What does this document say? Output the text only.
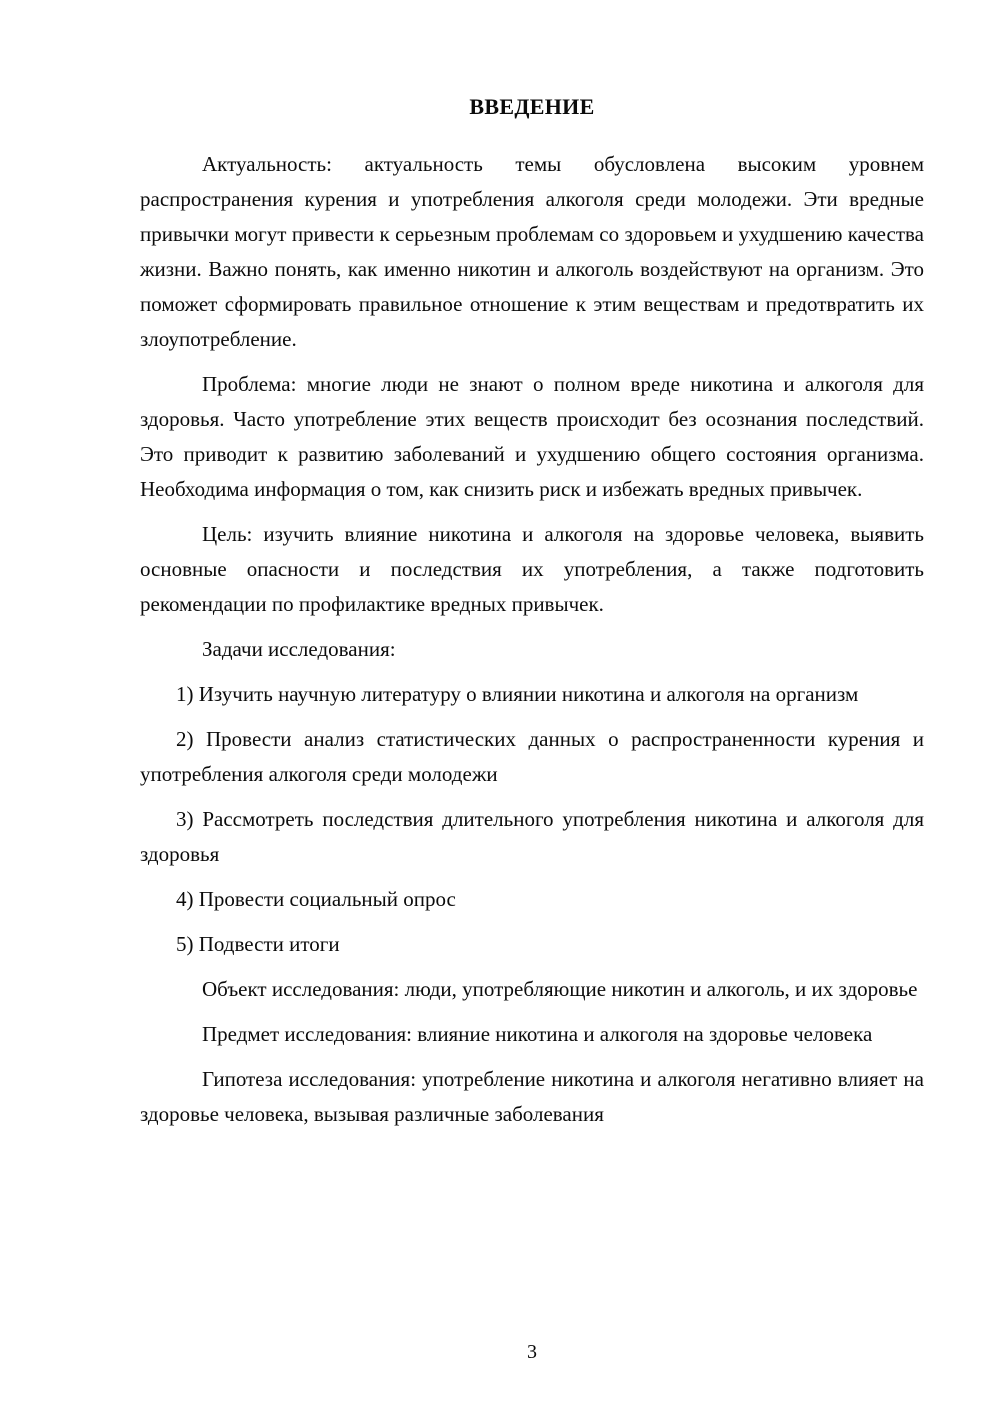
ВВЕДЕНИЕ

Актуальность: актуальность темы обусловлена высоким уровнем распространения курения и употребления алкоголя среди молодежи. Эти вредные привычки могут привести к серьезным проблемам со здоровьем и ухудшению качества жизни. Важно понять, как именно никотин и алкоголь воздействуют на организм. Это поможет сформировать правильное отношение к этим веществам и предотвратить их злоупотребление.

Проблема: многие люди не знают о полном вреде никотина и алкоголя для здоровья. Часто употребление этих веществ происходит без осознания последствий. Это приводит к развитию заболеваний и ухудшению общего состояния организма. Необходима информация о том, как снизить риск и избежать вредных привычек.

Цель: изучить влияние никотина и алкоголя на здоровье человека, выявить основные опасности и последствия их употребления, а также подготовить рекомендации по профилактике вредных привычек.

Задачи исследования:

1) Изучить научную литературу о влиянии никотина и алкоголя на организм

2) Провести анализ статистических данных о распространенности курения и употребления алкоголя среди молодежи

3) Рассмотреть последствия длительного употребления никотина и алкоголя для здоровья

4) Провести социальный опрос

5) Подвести итоги

Объект исследования: люди, употребляющие никотин и алкоголь, и их здоровье

Предмет исследования: влияние никотина и алкоголя на здоровье человека

Гипотеза исследования: употребление никотина и алкоголя негативно влияет на здоровье человека, вызывая различные заболевания

3
